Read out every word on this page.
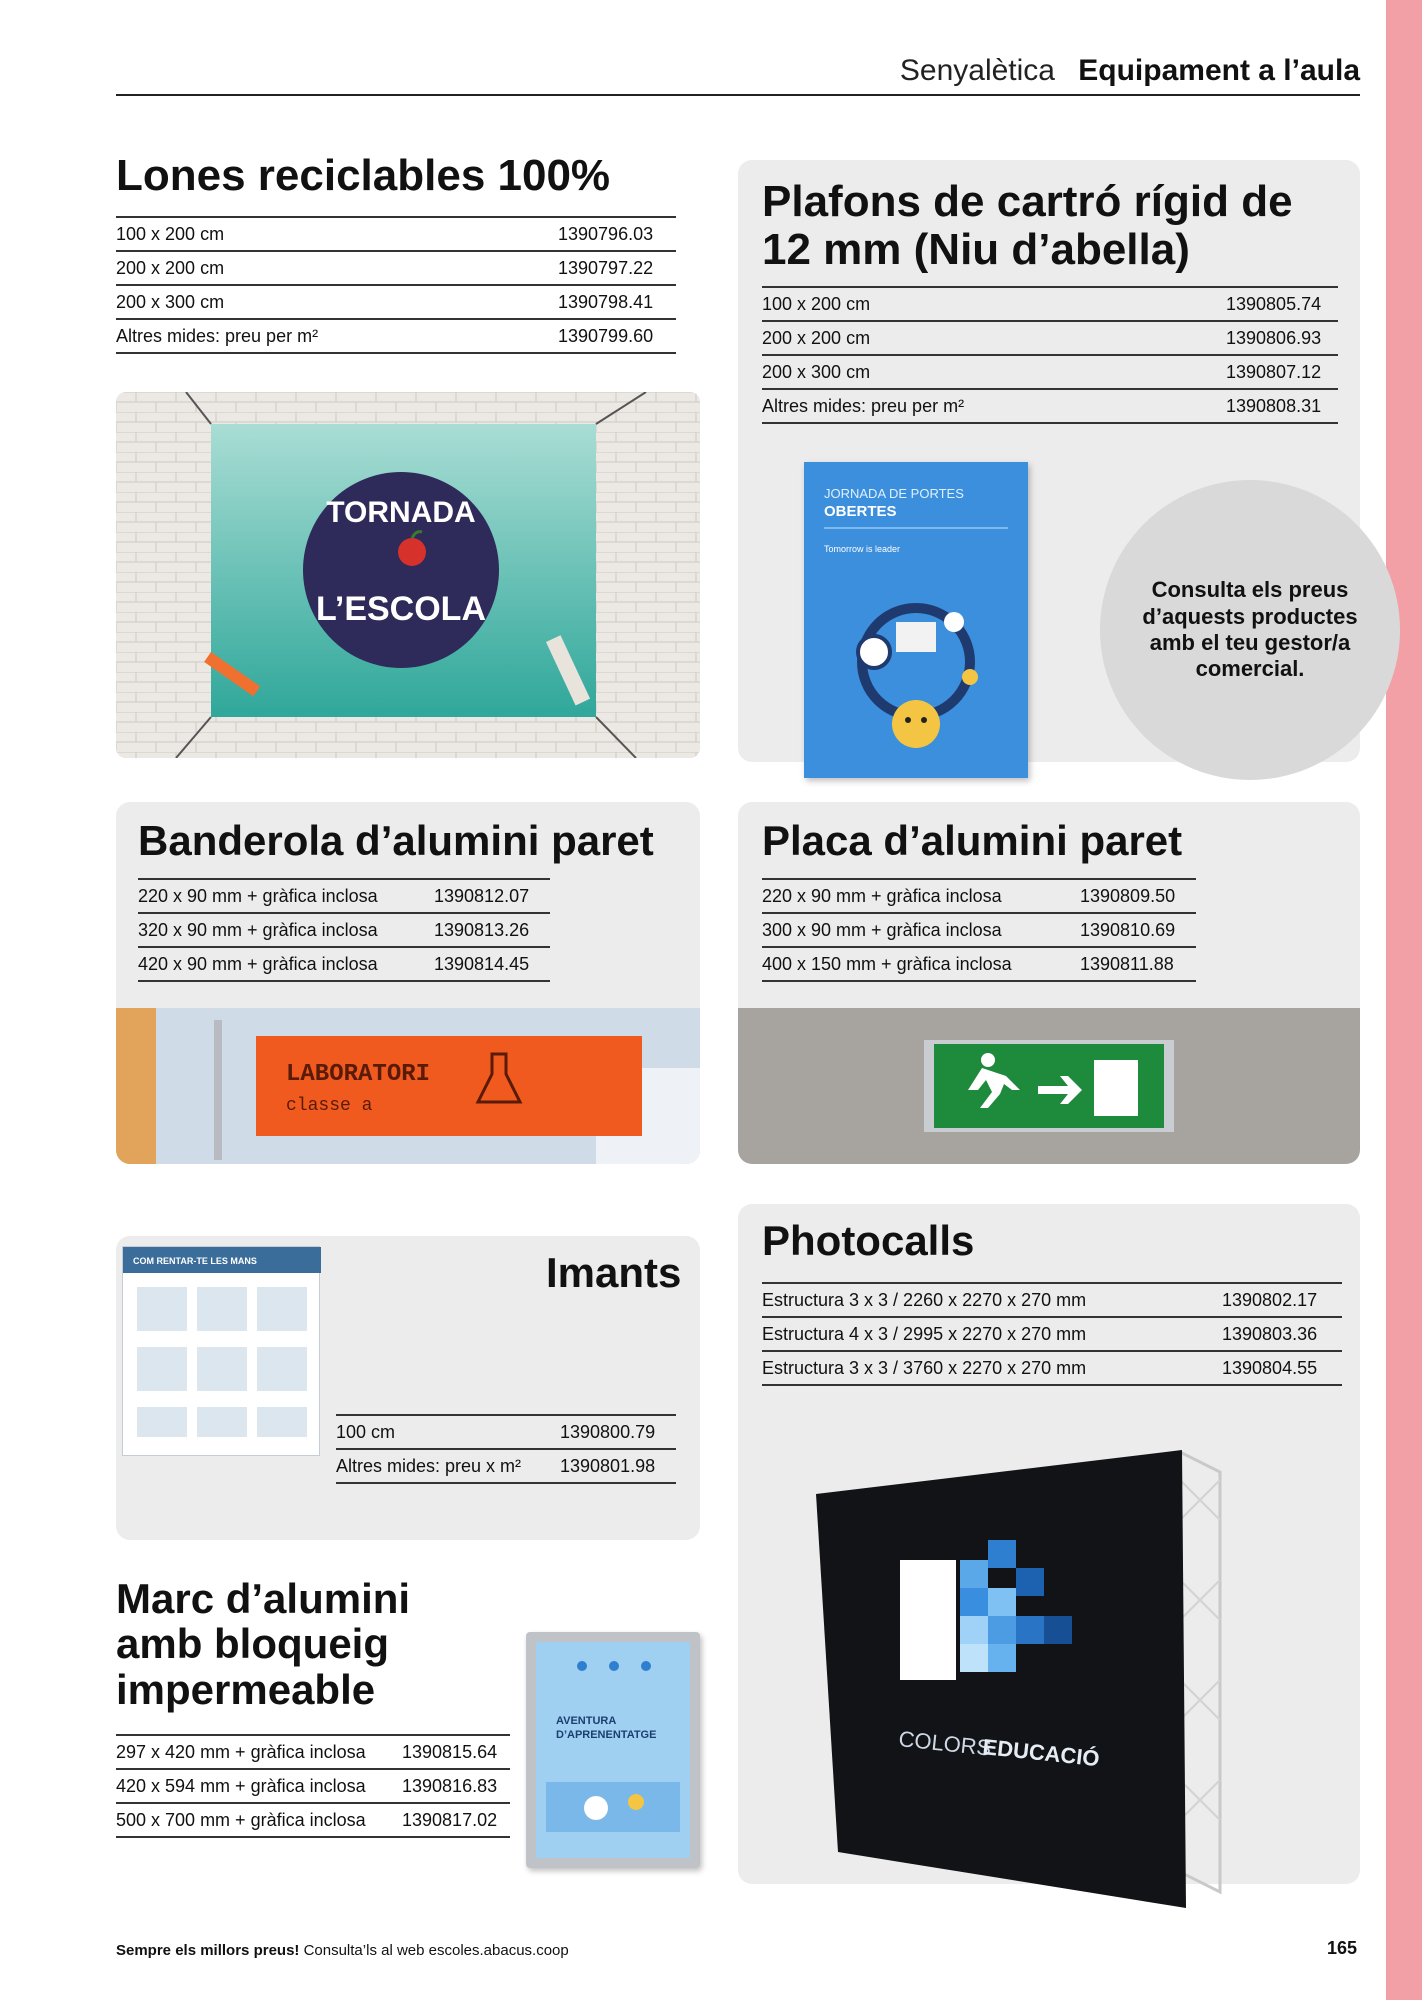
Senyalètica Equipament a l’aula
Lones reciclables 100%
100 x 200 cm	1390796.03
200 x 200 cm	1390797.22
200 x 300 cm	1390798.41
Altres mides: preu per m²	1390799.60
TORNADA
L’ESCOLA
Plafons de cartró rígid de
12 mm (Niu d’abella)
100 x 200 cm	1390805.74
200 x 200 cm	1390806.93
200 x 300 cm	1390807.12
Altres mides: preu per m²	1390808.31
JORNADA DE PORTES
OBERTES
Tomorrow is leader
Consulta els preus d’aquests productes amb el teu gestor/a comercial.
Banderola d’alumini paret
220 x 90 mm + gràfica inclosa	1390812.07
320 x 90 mm + gràfica inclosa	1390813.26
420 x 90 mm + gràfica inclosa	1390814.45
LABORATORI
classe a
Placa d’alumini paret
220 x 90 mm + gràfica inclosa	1390809.50
300 x 90 mm + gràfica inclosa	1390810.69
400 x 150 mm + gràfica inclosa	1390811.88
COM RENTAR-TE LES MANS	Imants
100 cm	1390800.79
Altres mides: preu x m²	1390801.98
Photocalls
Estructura 3 x 3 / 2260 x 2270 x 270 mm	1390802.17
Estructura 4 x 3 / 2995 x 2270 x 270 mm	1390803.36
Estructura 3 x 3 / 3760 x 2270 x 270 mm	1390804.55
COLORS
EDUCACIÓ
Marc d’alumini
amb bloqueig
impermeable
297 x 420 mm + gràfica inclosa	1390815.64
420 x 594 mm + gràfica inclosa	1390816.83
500 x 700 mm + gràfica inclosa	1390817.02
AVENTURA
D’APRENENTATGE
Sempre els millors preus! Consulta’ls al web escoles.abacus.coop	165
